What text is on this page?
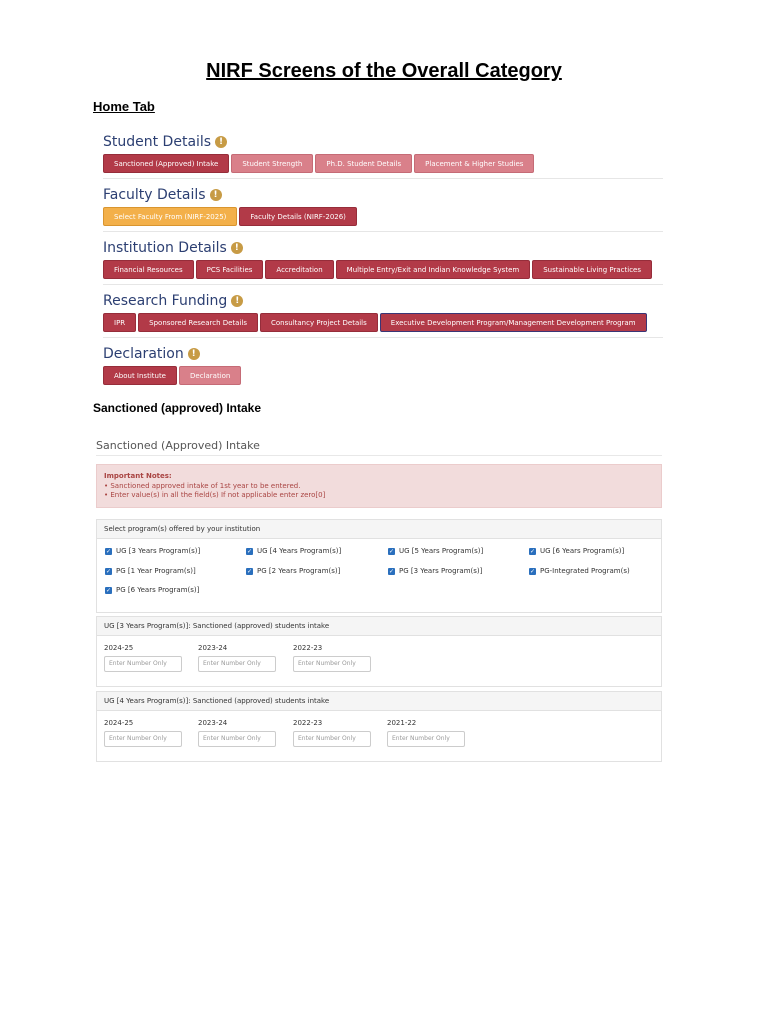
NIRF Screens of the Overall Category
Home Tab
Student Details !
Sanctioned (Approved) Intake	Student Strength	Ph.D. Student Details	Placement & Higher Studies
Faculty Details !
Select Faculty From (NIRF-2025)	Faculty Details (NIRF-2026)
Institution Details !
Financial Resources	PCS Facilities	Accreditation	Multiple Entry/Exit and Indian Knowledge System	Sustainable Living Practices
Research Funding !
IPR	Sponsored Research Details	Consultancy Project Details	Executive Development Program/Management Development Program
Declaration !
About Institute	Declaration
Sanctioned (approved) Intake
Sanctioned (Approved) Intake
Important Notes:
• Sanctioned approved intake of 1st year to be entered.
• Enter value(s) in all the field(s) If not applicable enter zero[0]
Select program(s) offered by your institution
✓ UG [3 Years Program(s)]	✓ UG [4 Years Program(s)]	✓ UG [5 Years Program(s)]	✓ UG [6 Years Program(s)]
✓ PG [1 Year Program(s)]	✓ PG [2 Years Program(s)]	✓ PG [3 Years Program(s)]	✓ PG-Integrated Program(s)
✓ PG [6 Years Program(s)]
UG [3 Years Program(s)]: Sanctioned (approved) students intake
2024-25
Enter Number Only
2023-24
Enter Number Only
2022-23
Enter Number Only
UG [4 Years Program(s)]: Sanctioned (approved) students intake
2024-25
Enter Number Only
2023-24
Enter Number Only
2022-23
Enter Number Only
2021-22
Enter Number Only
